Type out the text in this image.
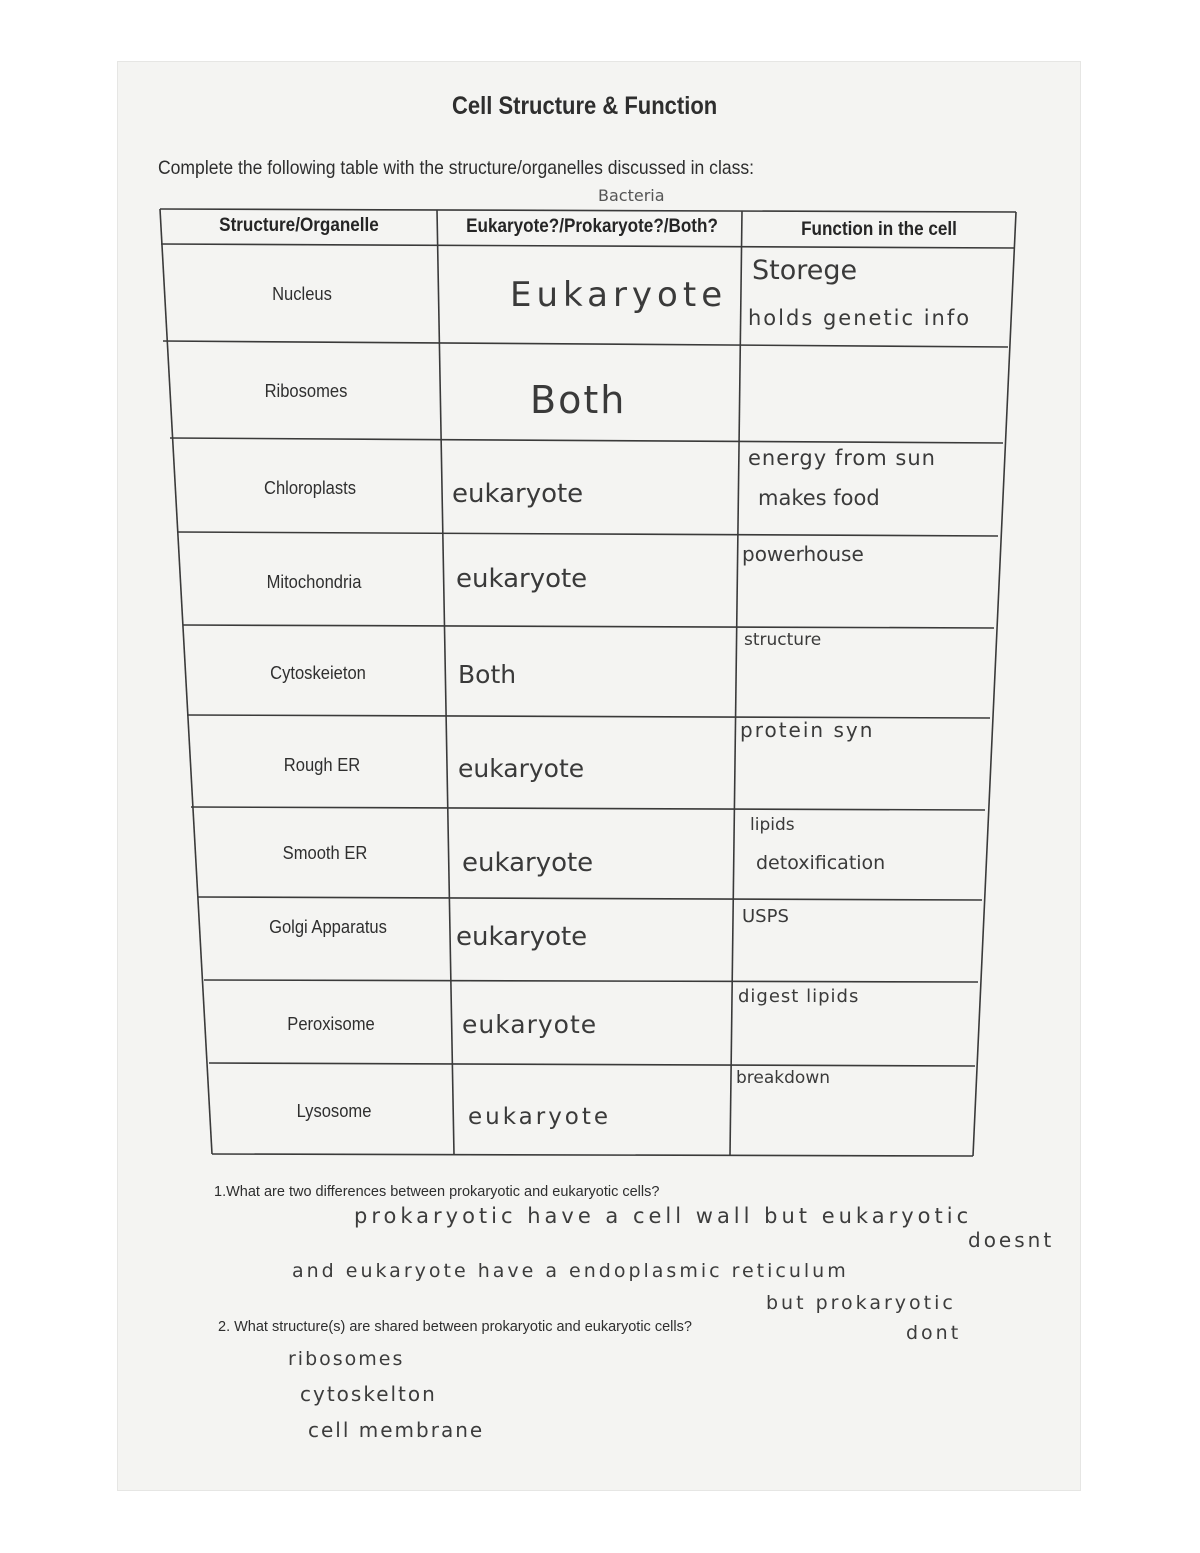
Cell Structure & Function
Complete the following table with the structure/organelles discussed in class:
Structure/Organelle	Eukaryote?/Prokaryote?/Both?	Function in the cell
Bacteria
Nucleus	Eukaryote
Storege
holds genetic info
Ribosomes	Both
Chloroplasts	eukaryote
energy from sun
makes food
Mitochondria	eukaryote
powerhouse
Cytoskeieton	Both
structure
Rough ER	eukaryote
protein syn
Smooth ER	eukaryote
lipids
detoxification
Golgi Apparatus	eukaryote
USPS
Peroxisome	eukaryote
digest lipids
Lysosome	eukaryote
breakdown
1.What are two differences between prokaryotic and eukaryotic cells?
prokaryotic have a cell wall but eukaryotic
doesnt
and eukaryote have a endoplasmic reticulum
but prokaryotic
dont
2. What structure(s) are shared between prokaryotic and eukaryotic cells?
ribosomes
cytoskelton
cell membrane
